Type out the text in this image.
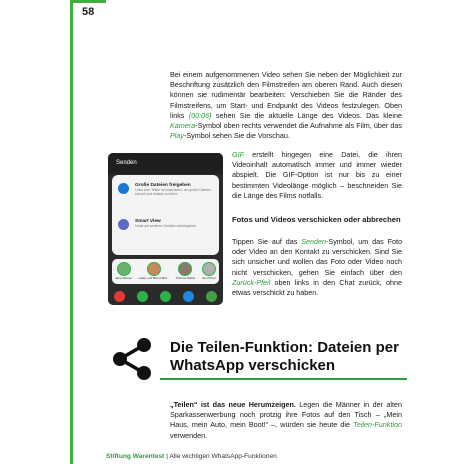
58
Bei einem aufgenommenen Video sehen Sie neben der Möglichkeit zur Beschriftung zusätzlich den Filmstreifen am oberen Rand. Auch diesen können sie rudimentär bearbeiten: Verschieben Sie die Ränder des Filmstreifens, um Start- und Endpunkt des Videos festzulegen. Oben links (00:06) sehen Sie die aktuelle Länge des Videos. Das kleine Kamera-Symbol oben rechts verwendet die Aufnahme als Film, über das Play-Symbol sehen Sie die Vorschau.
GIF erstellt hingegen eine Datei, die ihren Videoinhalt automatisch immer und immer wieder abspielt. Die GIF-Option ist nur bis zu einer bestimmten Videolänge möglich – beschneiden Sie die Länge des Films notfalls.
Fotos und Videos verschicken oder abbrechen
Tippen Sie auf das Senden-Symbol, um das Foto oder Video an den Kontakt zu verschicken. Sind Sie sich unsicher und wollen das Foto oder Video noch nicht verschicken, gehen Sie einfach über den Zurück-Pfeil oben links in den Chat zurück, ohne etwas verschickt zu haben.
Senden
Große Dateien freigeben
Links zum Teilen herunterladen, um große Dateien schnell und einfach zu teilen
Smart View
Inhalt auf anderen Geräten wiedergeben
Jana Warner Heike und Bernd Mitt... Thomas Weller Jan Prüfer
Die Teilen-Funktion: Dateien per WhatsApp verschicken
„Teilen“ ist das neue Herumzeigen. Legen die Männer in der alten Sparkassenwerbung noch protzig ihre Fotos auf den Tisch – „Mein Haus, mein Auto, mein Boot!“ –, würden sie heute die Teilen-Funktion verwenden.
Stiftung Warentest | Alle wichtigen WhatsApp-Funktionen
